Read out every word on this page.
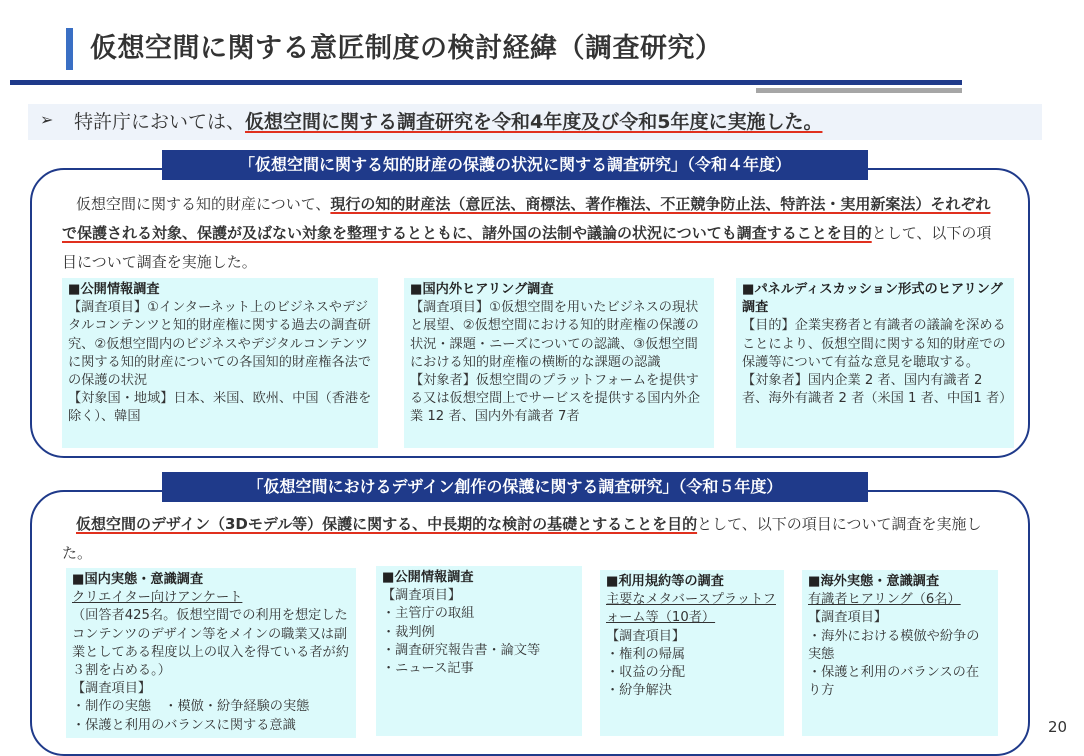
仮想空間に関する意匠制度の検討経緯（調査研究）
➢ 特許庁においては、仮想空間に関する調査研究を令和4年度及び令和5年度に実施した。
「仮想空間に関する知的財産の保護の状況に関する調査研究」（令和４年度）
仮想空間に関する知的財産について、現行の知的財産法（意匠法、商標法、著作権法、不正競争防止法、特許法・実用新案法）それぞれで保護される対象、保護が及ばない対象を整理するとともに、諸外国の法制や議論の状況についても調査することを目的として、以下の項目について調査を実施した。

■公開情報調査

【調査項目】①インターネット上のビジネスやデジタルコンテンツと知的財産権に関する過去の調査研究、②仮想空間内のビジネスやデジタルコンテンツに関する知的財産についての各国知的財産権各法での保護の状況

【対象国・地域】日本、米国、欧州、中国（香港を除く）、韓国

■国内外ヒアリング調査

【調査項目】①仮想空間を用いたビジネスの現状と展望、②仮想空間における知的財産権の保護の状況・課題・ニーズについての認識、③仮想空間における知的財産権の横断的な課題の認識

【対象者】仮想空間のプラットフォームを提供する又は仮想空間上でサービスを提供する国内外企業 12 者、国内外有識者 7者

■パネルディスカッション形式のヒアリング調査

【目的】企業実務者と有識者の議論を深めることにより、仮想空間に関する知的財産での保護等について有益な意見を聴取する。

【対象者】国内企業 2 者、国内有識者 2者、海外有識者 2 者（米国 1 者、中国1 者）

「仮想空間におけるデザイン創作の保護に関する調査研究」（令和５年度）
仮想空間のデザイン（3Dモデル等）保護に関する、中長期的な検討の基礎とすることを目的として、以下の項目について調査を実施した。

■国内実態・意識調査

クリエイター向けアンケート

（回答者425名。仮想空間での利用を想定したコンテンツのデザイン等をメインの職業又は副業としてある程度以上の収入を得ている者が約３割を占める。）

【調査項目】

・制作の実態　・模倣・紛争経験の実態

・保護と利用のバランスに関する意識

■公開情報調査

【調査項目】

・主管庁の取組

・裁判例

・調査研究報告書・論文等

・ニュース記事

■利用規約等の調査

主要なメタバースプラットフォーム等（10者）

【調査項目】

・権利の帰属

・収益の分配

・紛争解決

■海外実態・意識調査

有識者ヒアリング（6名）

【調査項目】

・海外における模倣や紛争の実態

・保護と利用のバランスの在り方

20
